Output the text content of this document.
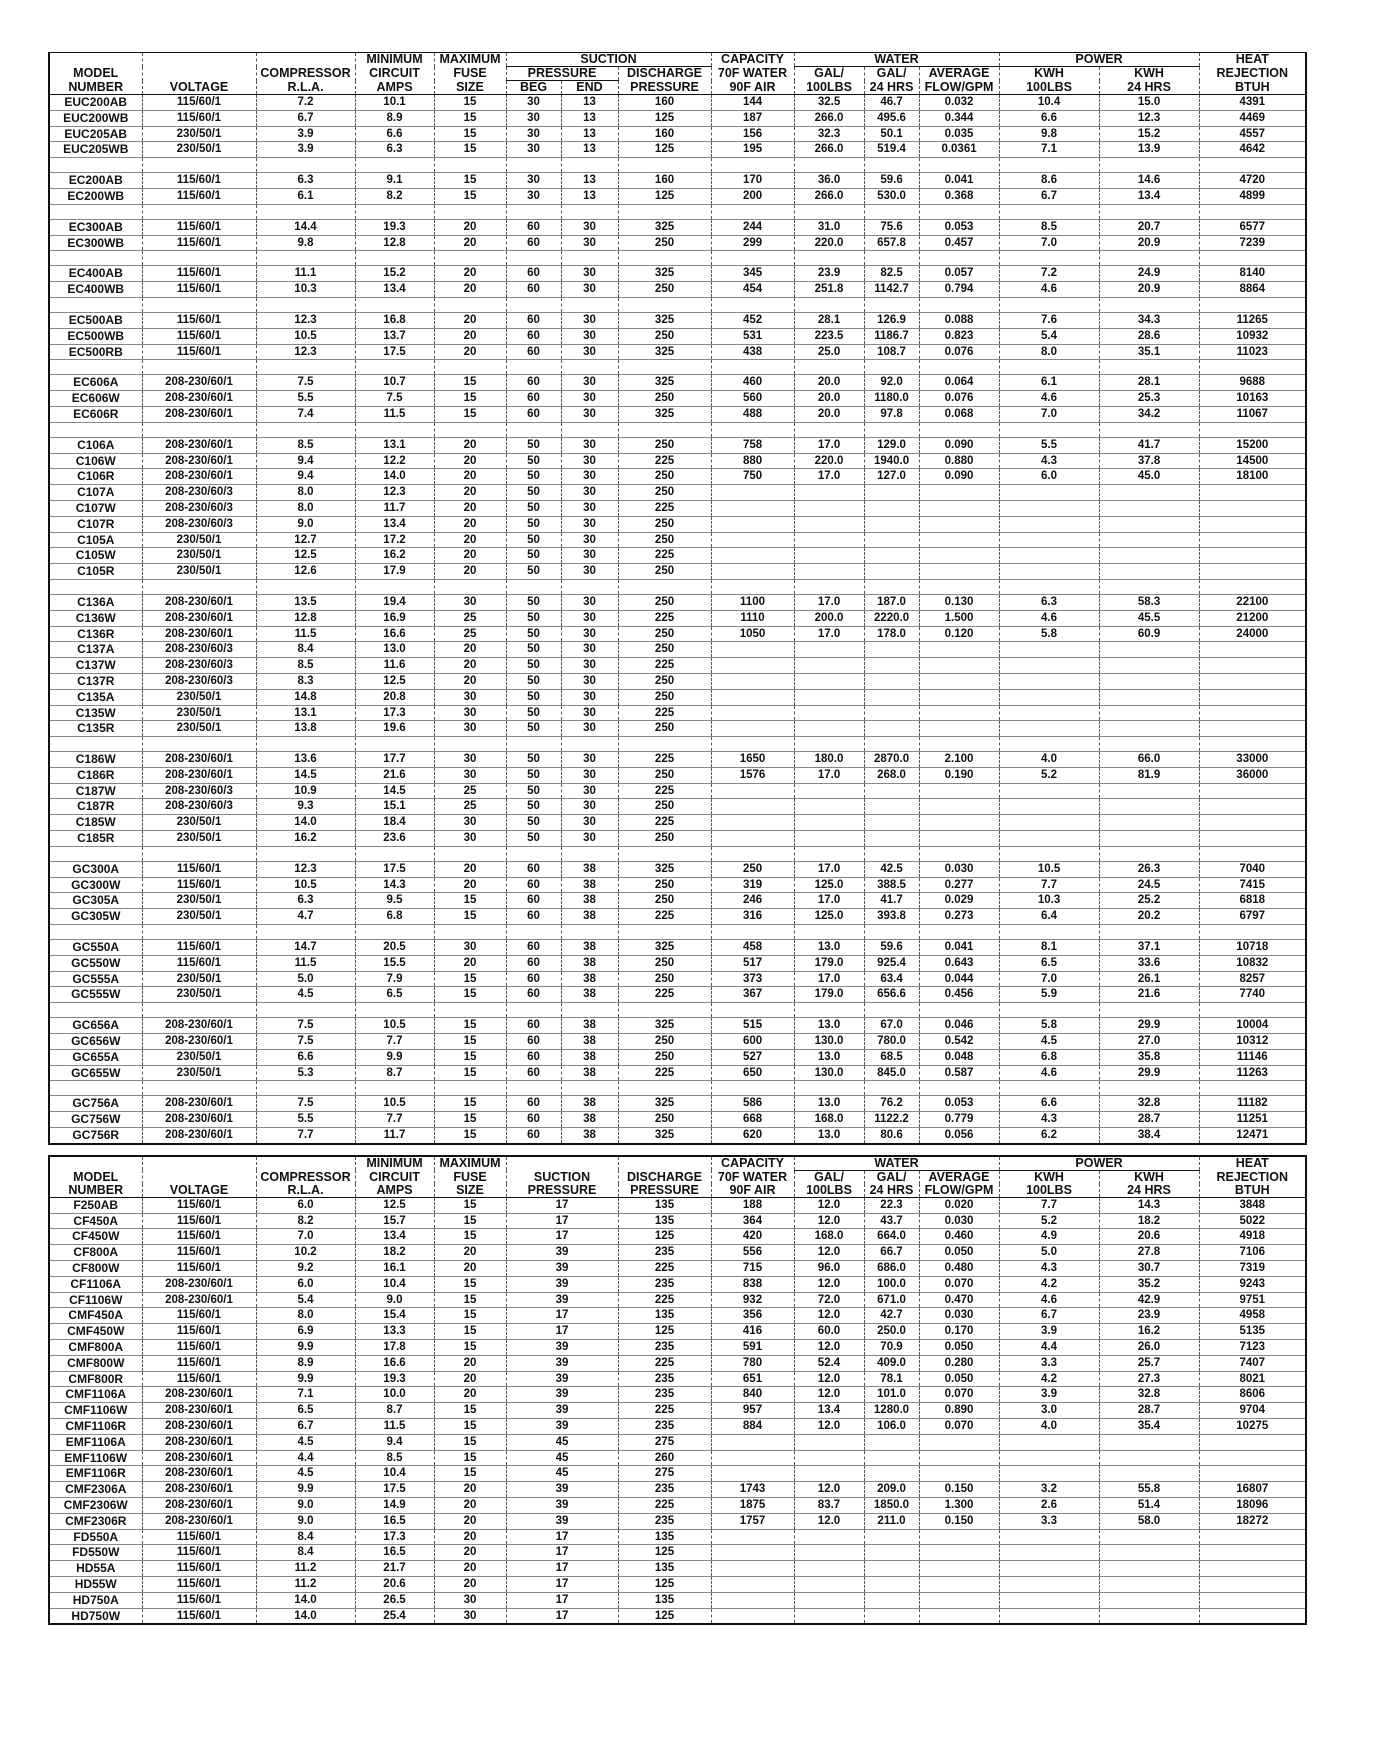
			MINIMUM	MAXIMUM	SUCTION			CAPACITY	WATER			POWER		HEAT
MODEL		COMPRESSOR	CIRCUIT	FUSE	PRESSURE		DISCHARGE	70F WATER	GAL/	GAL/	AVERAGE	KWH	KWH	REJECTION
NUMBER	VOLTAGE	R.L.A.	AMPS	SIZE	BEG	END	PRESSURE	90F AIR	100LBS	24 HRS	FLOW/GPM	100LBS	24 HRS	BTUH
EUC200AB	115/60/1	7.2	10.1	15	30	13	160	144	32.5	46.7	0.032	10.4	15.0	4391
EUC200WB	115/60/1	6.7	8.9	15	30	13	125	187	266.0	495.6	0.344	6.6	12.3	4469
EUC205AB	230/50/1	3.9	6.6	15	30	13	160	156	32.3	50.1	0.035	9.8	15.2	4557
EUC205WB	230/50/1	3.9	6.3	15	30	13	125	195	266.0	519.4	0.0361	7.1	13.9	4642

EC200AB	115/60/1	6.3	9.1	15	30	13	160	170	36.0	59.6	0.041	8.6	14.6	4720
EC200WB	115/60/1	6.1	8.2	15	30	13	125	200	266.0	530.0	0.368	6.7	13.4	4899

EC300AB	115/60/1	14.4	19.3	20	60	30	325	244	31.0	75.6	0.053	8.5	20.7	6577
EC300WB	115/60/1	9.8	12.8	20	60	30	250	299	220.0	657.8	0.457	7.0	20.9	7239

EC400AB	115/60/1	11.1	15.2	20	60	30	325	345	23.9	82.5	0.057	7.2	24.9	8140
EC400WB	115/60/1	10.3	13.4	20	60	30	250	454	251.8	1142.7	0.794	4.6	20.9	8864

EC500AB	115/60/1	12.3	16.8	20	60	30	325	452	28.1	126.9	0.088	7.6	34.3	11265
EC500WB	115/60/1	10.5	13.7	20	60	30	250	531	223.5	1186.7	0.823	5.4	28.6	10932
EC500RB	115/60/1	12.3	17.5	20	60	30	325	438	25.0	108.7	0.076	8.0	35.1	11023

EC606A	208-230/60/1	7.5	10.7	15	60	30	325	460	20.0	92.0	0.064	6.1	28.1	9688
EC606W	208-230/60/1	5.5	7.5	15	60	30	250	560	20.0	1180.0	0.076	4.6	25.3	10163
EC606R	208-230/60/1	7.4	11.5	15	60	30	325	488	20.0	97.8	0.068	7.0	34.2	11067

C106A	208-230/60/1	8.5	13.1	20	50	30	250	758	17.0	129.0	0.090	5.5	41.7	15200
C106W	208-230/60/1	9.4	12.2	20	50	30	225	880	220.0	1940.0	0.880	4.3	37.8	14500
C106R	208-230/60/1	9.4	14.0	20	50	30	250	750	17.0	127.0	0.090	6.0	45.0	18100
C107A	208-230/60/3	8.0	12.3	20	50	30	250							
C107W	208-230/60/3	8.0	11.7	20	50	30	225							
C107R	208-230/60/3	9.0	13.4	20	50	30	250							
C105A	230/50/1	12.7	17.2	20	50	30	250							
C105W	230/50/1	12.5	16.2	20	50	30	225							
C105R	230/50/1	12.6	17.9	20	50	30	250							

C136A	208-230/60/1	13.5	19.4	30	50	30	250	1100	17.0	187.0	0.130	6.3	58.3	22100
C136W	208-230/60/1	12.8	16.9	25	50	30	225	1110	200.0	2220.0	1.500	4.6	45.5	21200
C136R	208-230/60/1	11.5	16.6	25	50	30	250	1050	17.0	178.0	0.120	5.8	60.9	24000
C137A	208-230/60/3	8.4	13.0	20	50	30	250							
C137W	208-230/60/3	8.5	11.6	20	50	30	225							
C137R	208-230/60/3	8.3	12.5	20	50	30	250							
C135A	230/50/1	14.8	20.8	30	50	30	250							
C135W	230/50/1	13.1	17.3	30	50	30	225							
C135R	230/50/1	13.8	19.6	30	50	30	250							

C186W	208-230/60/1	13.6	17.7	30	50	30	225	1650	180.0	2870.0	2.100	4.0	66.0	33000
C186R	208-230/60/1	14.5	21.6	30	50	30	250	1576	17.0	268.0	0.190	5.2	81.9	36000
C187W	208-230/60/3	10.9	14.5	25	50	30	225							
C187R	208-230/60/3	9.3	15.1	25	50	30	250							
C185W	230/50/1	14.0	18.4	30	50	30	225							
C185R	230/50/1	16.2	23.6	30	50	30	250							

GC300A	115/60/1	12.3	17.5	20	60	38	325	250	17.0	42.5	0.030	10.5	26.3	7040
GC300W	115/60/1	10.5	14.3	20	60	38	250	319	125.0	388.5	0.277	7.7	24.5	7415
GC305A	230/50/1	6.3	9.5	15	60	38	250	246	17.0	41.7	0.029	10.3	25.2	6818
GC305W	230/50/1	4.7	6.8	15	60	38	225	316	125.0	393.8	0.273	6.4	20.2	6797

GC550A	115/60/1	14.7	20.5	30	60	38	325	458	13.0	59.6	0.041	8.1	37.1	10718
GC550W	115/60/1	11.5	15.5	20	60	38	250	517	179.0	925.4	0.643	6.5	33.6	10832
GC555A	230/50/1	5.0	7.9	15	60	38	250	373	17.0	63.4	0.044	7.0	26.1	8257
GC555W	230/50/1	4.5	6.5	15	60	38	225	367	179.0	656.6	0.456	5.9	21.6	7740

GC656A	208-230/60/1	7.5	10.5	15	60	38	325	515	13.0	67.0	0.046	5.8	29.9	10004
GC656W	208-230/60/1	7.5	7.7	15	60	38	250	600	130.0	780.0	0.542	4.5	27.0	10312
GC655A	230/50/1	6.6	9.9	15	60	38	250	527	13.0	68.5	0.048	6.8	35.8	11146
GC655W	230/50/1	5.3	8.7	15	60	38	225	650	130.0	845.0	0.587	4.6	29.9	11263

GC756A	208-230/60/1	7.5	10.5	15	60	38	325	586	13.0	76.2	0.053	6.6	32.8	11182
GC756W	208-230/60/1	5.5	7.7	15	60	38	250	668	168.0	1122.2	0.779	4.3	28.7	11251
GC756R	208-230/60/1	7.7	11.7	15	60	38	325	620	13.0	80.6	0.056	6.2	38.4	12471
			MINIMUM	MAXIMUM			CAPACITY	WATER			POWER		HEAT
MODEL		COMPRESSOR	CIRCUIT	FUSE	SUCTION	DISCHARGE	70F WATER	GAL/	GAL/	AVERAGE	KWH	KWH	REJECTION
NUMBER	VOLTAGE	R.L.A.	AMPS	SIZE	PRESSURE	PRESSURE	90F AIR	100LBS	24 HRS	FLOW/GPM	100LBS	24 HRS	BTUH
F250AB	115/60/1	6.0	12.5	15	17	135	188	12.0	22.3	0.020	7.7	14.3	3848
CF450A	115/60/1	8.2	15.7	15	17	135	364	12.0	43.7	0.030	5.2	18.2	5022
CF450W	115/60/1	7.0	13.4	15	17	125	420	168.0	664.0	0.460	4.9	20.6	4918
CF800A	115/60/1	10.2	18.2	20	39	235	556	12.0	66.7	0.050	5.0	27.8	7106
CF800W	115/60/1	9.2	16.1	20	39	225	715	96.0	686.0	0.480	4.3	30.7	7319
CF1106A	208-230/60/1	6.0	10.4	15	39	235	838	12.0	100.0	0.070	4.2	35.2	9243
CF1106W	208-230/60/1	5.4	9.0	15	39	225	932	72.0	671.0	0.470	4.6	42.9	9751
CMF450A	115/60/1	8.0	15.4	15	17	135	356	12.0	42.7	0.030	6.7	23.9	4958
CMF450W	115/60/1	6.9	13.3	15	17	125	416	60.0	250.0	0.170	3.9	16.2	5135
CMF800A	115/60/1	9.9	17.8	15	39	235	591	12.0	70.9	0.050	4.4	26.0	7123
CMF800W	115/60/1	8.9	16.6	20	39	225	780	52.4	409.0	0.280	3.3	25.7	7407
CMF800R	115/60/1	9.9	19.3	20	39	235	651	12.0	78.1	0.050	4.2	27.3	8021
CMF1106A	208-230/60/1	7.1	10.0	20	39	235	840	12.0	101.0	0.070	3.9	32.8	8606
CMF1106W	208-230/60/1	6.5	8.7	15	39	225	957	13.4	1280.0	0.890	3.0	28.7	9704
CMF1106R	208-230/60/1	6.7	11.5	15	39	235	884	12.0	106.0	0.070	4.0	35.4	10275
EMF1106A	208-230/60/1	4.5	9.4	15	45	275							
EMF1106W	208-230/60/1	4.4	8.5	15	45	260							
EMF1106R	208-230/60/1	4.5	10.4	15	45	275							
CMF2306A	208-230/60/1	9.9	17.5	20	39	235	1743	12.0	209.0	0.150	3.2	55.8	16807
CMF2306W	208-230/60/1	9.0	14.9	20	39	225	1875	83.7	1850.0	1.300	2.6	51.4	18096
CMF2306R	208-230/60/1	9.0	16.5	20	39	235	1757	12.0	211.0	0.150	3.3	58.0	18272
FD550A	115/60/1	8.4	17.3	20	17	135							
FD550W	115/60/1	8.4	16.5	20	17	125							
HD55A	115/60/1	11.2	21.7	20	17	135							
HD55W	115/60/1	11.2	20.6	20	17	125							
HD750A	115/60/1	14.0	26.5	30	17	135							
HD750W	115/60/1	14.0	25.4	30	17	125							
